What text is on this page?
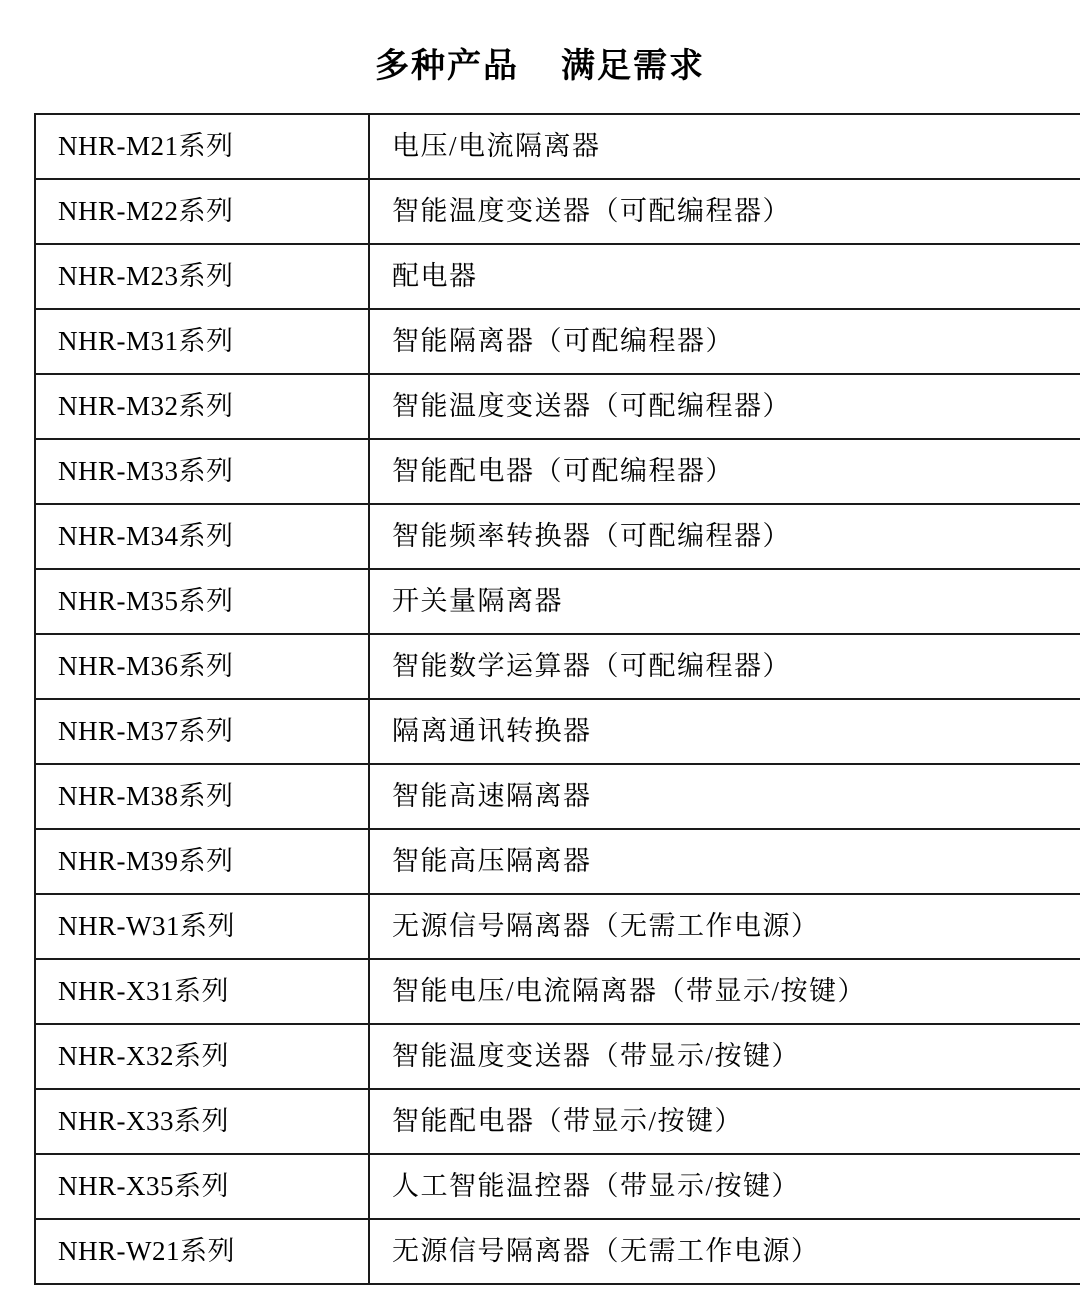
多种产品    满足需求
NHR-M21系列	电压/电流隔离器
NHR-M22系列	智能温度变送器（可配编程器）
NHR-M23系列	配电器
NHR-M31系列	智能隔离器（可配编程器）
NHR-M32系列	智能温度变送器（可配编程器）
NHR-M33系列	智能配电器（可配编程器）
NHR-M34系列	智能频率转换器（可配编程器）
NHR-M35系列	开关量隔离器
NHR-M36系列	智能数学运算器（可配编程器）
NHR-M37系列	隔离通讯转换器
NHR-M38系列	智能高速隔离器
NHR-M39系列	智能高压隔离器
NHR-W31系列	无源信号隔离器（无需工作电源）
NHR-X31系列	智能电压/电流隔离器（带显示/按键）
NHR-X32系列	智能温度变送器（带显示/按键）
NHR-X33系列	智能配电器（带显示/按键）
NHR-X35系列	人工智能温控器（带显示/按键）
NHR-W21系列	无源信号隔离器（无需工作电源）
